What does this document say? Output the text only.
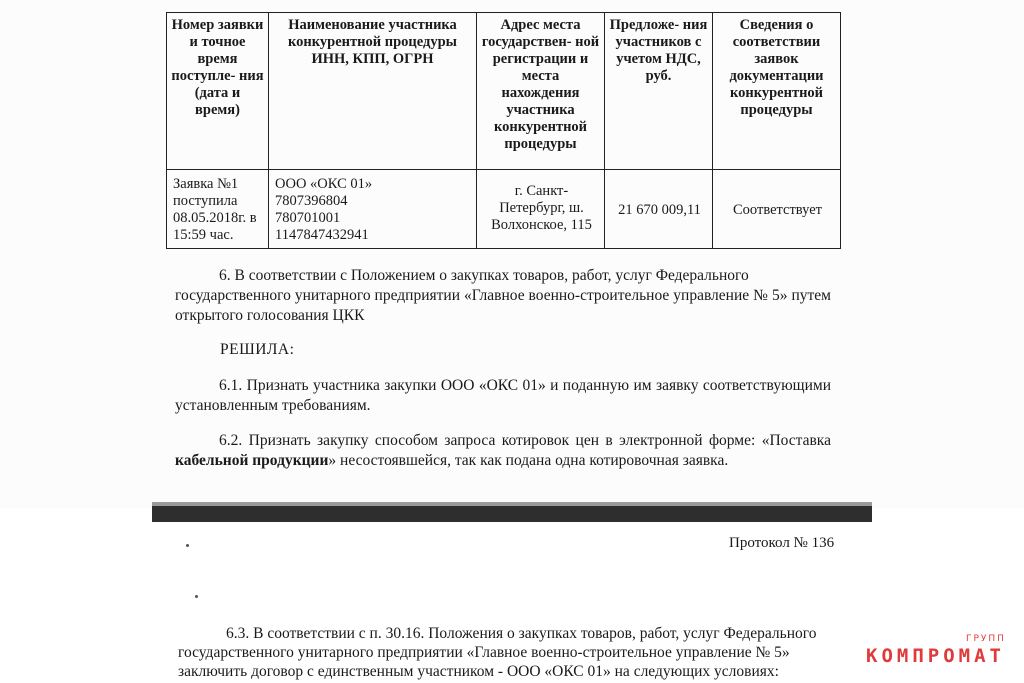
Номер заявки и точное время поступле- ния (дата и время)	Наименование участника конкурентной процедуры ИНН, КПП, ОГРН	Адрес места государствен- ной регистрации и места нахождения участника конкурентной процедуры	Предложе- ния участников с учетом НДС, руб.	Сведения о соответствии заявок документации конкурентной процедуры
Заявка №1 поступила 08.05.2018г. в 15:59 час.	ООО «ОКС 01»
7807396804
780701001
1147847432941	г. Санкт- Петербург, ш. Волхонское, 115	21 670 009,11	Соответствует
6. В соответствии с Положением о закупках товаров, работ, услуг Федерального
государственного унитарного предприятии «Главное военно-строительное управление № 5» путем открытого голосования ЦКК
РЕШИЛА:
6.1. Признать участника закупки ООО «ОКС 01» и поданную им заявку соответствующими установленным требованиям.
6.2. Признать закупку способом запроса котировок цен в электронной форме: «Поставка кабельной продукции» несостоявшейся, так как подана одна котировочная заявка.
Протокол № 136
6.3. В соответствии с п. 30.16. Положения о закупках товаров, работ, услуг Федерального
государственного унитарного предприятии «Главное военно-строительное управление № 5» заключить договор с единственным участником - ООО «ОКС 01» на следующих условиях:
ГРУПП
КОМПРОМАТ
